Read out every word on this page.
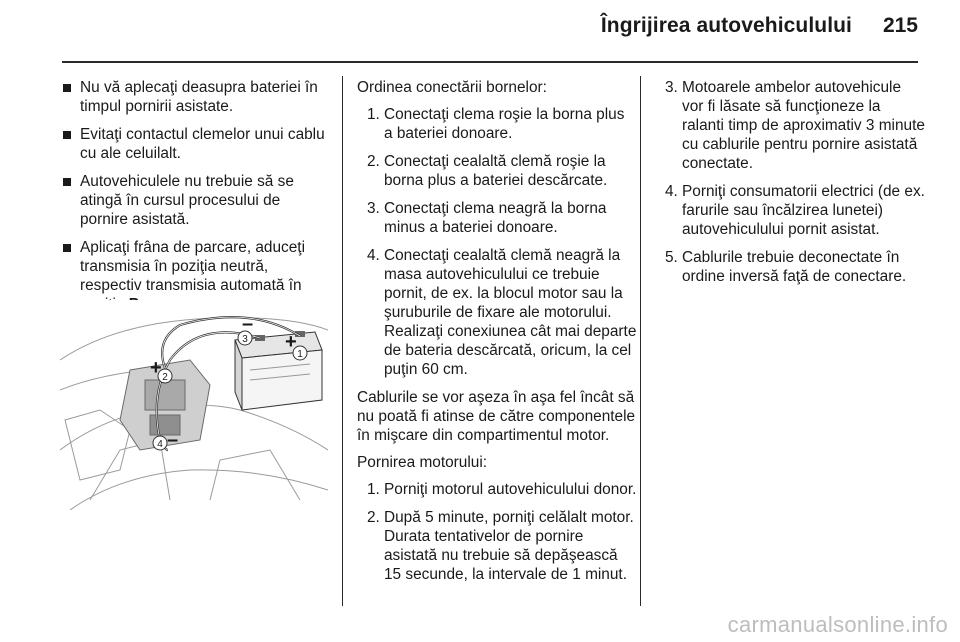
Îngrijirea autovehiculului 215
Nu vă aplecaţi deasupra bateriei în timpul pornirii asistate.
Evitaţi contactul clemelor unui cablu cu ale celuilalt.
Autovehiculele nu trebuie să se atingă în cursul procesului de pornire asistată.
Aplicaţi frâna de parcare, aduceţi transmisia în poziţia neutră, respectiv transmisia automată în
1
2
3
4
–
+
+
–
Ordinea conectării bornelor:
1. Conectaţi clema roşie la borna plus a bateriei donoare.
2. Conectaţi cealaltă clemă roşie la borna plus a bateriei descărcate.
3. Conectaţi clema neagră la borna minus a bateriei donoare.
4. Conectaţi cealaltă clemă neagră la masa autovehiculului ce trebuie pornit, de ex. la blocul motor sau la şuruburile de fixare ale motorului. Realizaţi conexiunea cât mai departe de bateria descărcată, oricum, la cel puţin 60 cm.
Cablurile se vor aşeza în aşa fel încât să nu poată fi atinse de către componentele în mişcare din compartimentul motor.
Pornirea motorului:
1. Porniţi motorul autovehiculului donor.
2. După 5 minute, porniţi celălalt motor. Durata tentativelor de pornire asistată nu trebuie să depăşească 15 secunde, la intervale de 1 minut.
3. Motoarele ambelor autovehicule vor fi lăsate să funcţioneze la ralanti timp de aproximativ 3 minute cu cablurile pentru pornire asistată conectate.
4. Porniţi consumatorii electrici (de ex. farurile sau încălzirea lunetei) autovehiculului pornit asistat.
5. Cablurile trebuie deconectate în ordine inversă faţă de conectare.
carmanualsonline.info
